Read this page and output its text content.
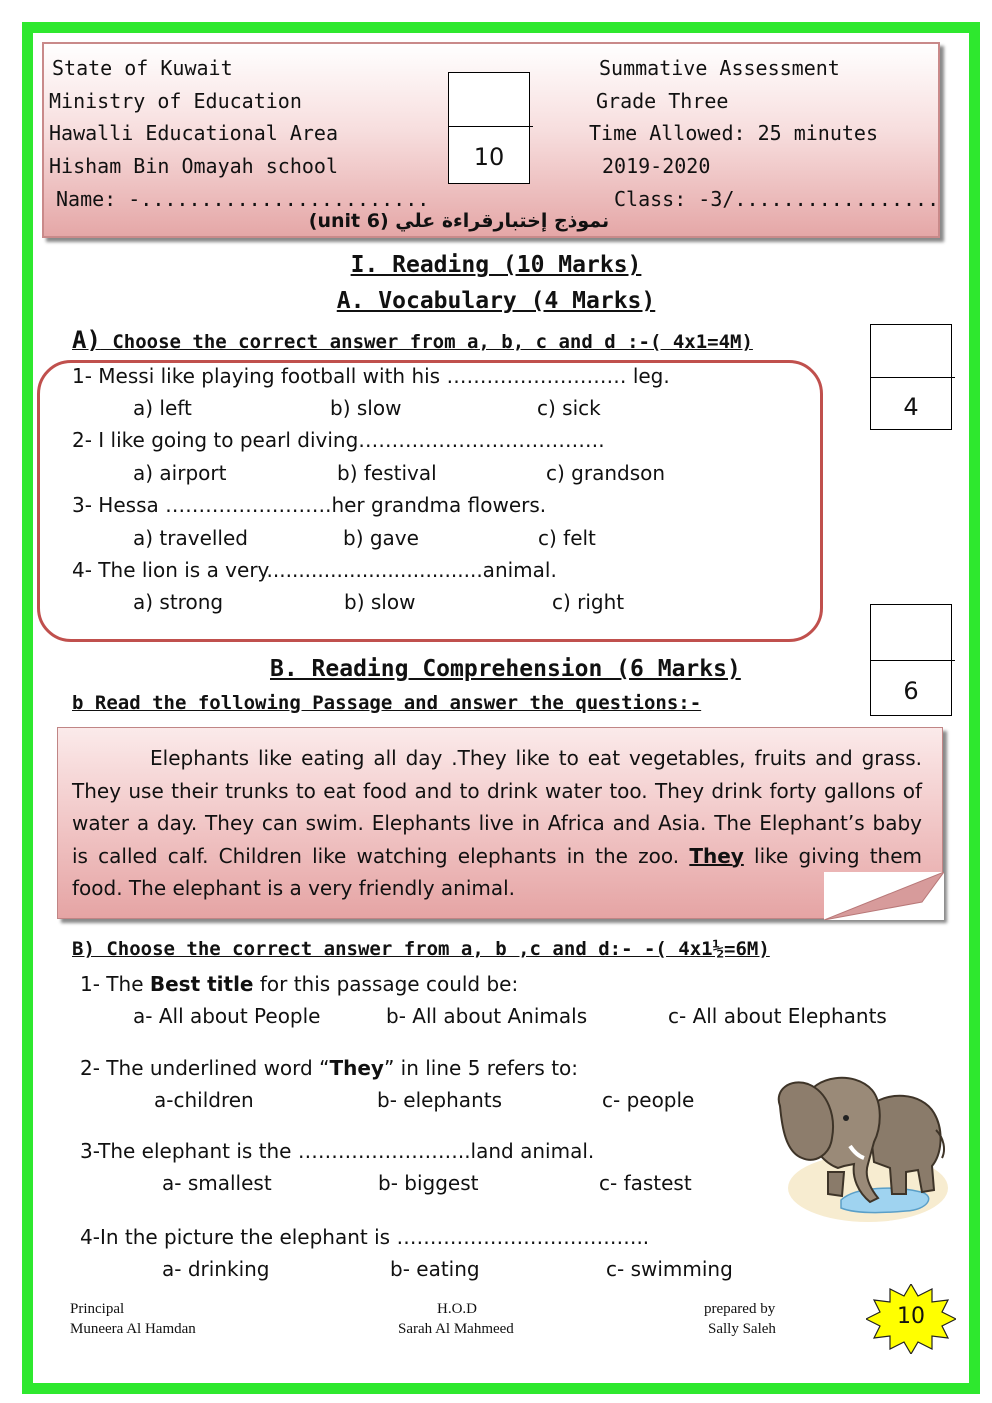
State of Kuwait
Ministry of Education
Hawalli Educational Area
Hisham Bin Omayah school
Summative Assessment
Grade Three
Time Allowed: 25 minutes
2019-2020
Name: -........................	Class: -3/.................
نموذج إختبارقراءة علي (unit 6)
10
I. Reading (10 Marks)
A. Vocabulary (4 Marks)
A) Choose the correct answer from a, b, c and d :-( 4x1=4M)
4
1- Messi like playing football with his ……………………… leg.
a) left	b) slow	c) sick
2- I like going to pearl diving……………………………….
a) airport	b) festival	c) grandson
3- Hessa …………………….her grandma flowers.
a) travelled	b) gave	c) felt
4- The lion is a very..................................animal.
a) strong	b) slow	c) right
6
B. Reading Comprehension (6 Marks)
b Read the following Passage and answer the questions:-

Elephants like eating all day .They like to eat vegetables, fruits and grass. They use their trunks to eat food and to drink water too. They drink forty gallons of water a day. They can swim. Elephants live in Africa and Asia. The Elephant’s baby is called calf. Children like watching elephants in the zoo. They like giving them food. The elephant is a very friendly animal.

B) Choose the correct answer from a, b ,c and d:- -( 4x1½=6M)
1- The Best title for this passage could be:
a- All about People	b- All about Animals	c- All about Elephants
2- The underlined word “They” in line 5 refers to:
a-children	b- elephants	c- people
3-The elephant is the ……………………..land animal.
a- smallest	b- biggest	c- fastest
4-In the picture the elephant is ………………………………..
a- drinking	b- eating	c- swimming
Principal
Muneera Al Hamdan
H.O.D
Sarah Al Mahmeed
prepared by
Sally Saleh	10
